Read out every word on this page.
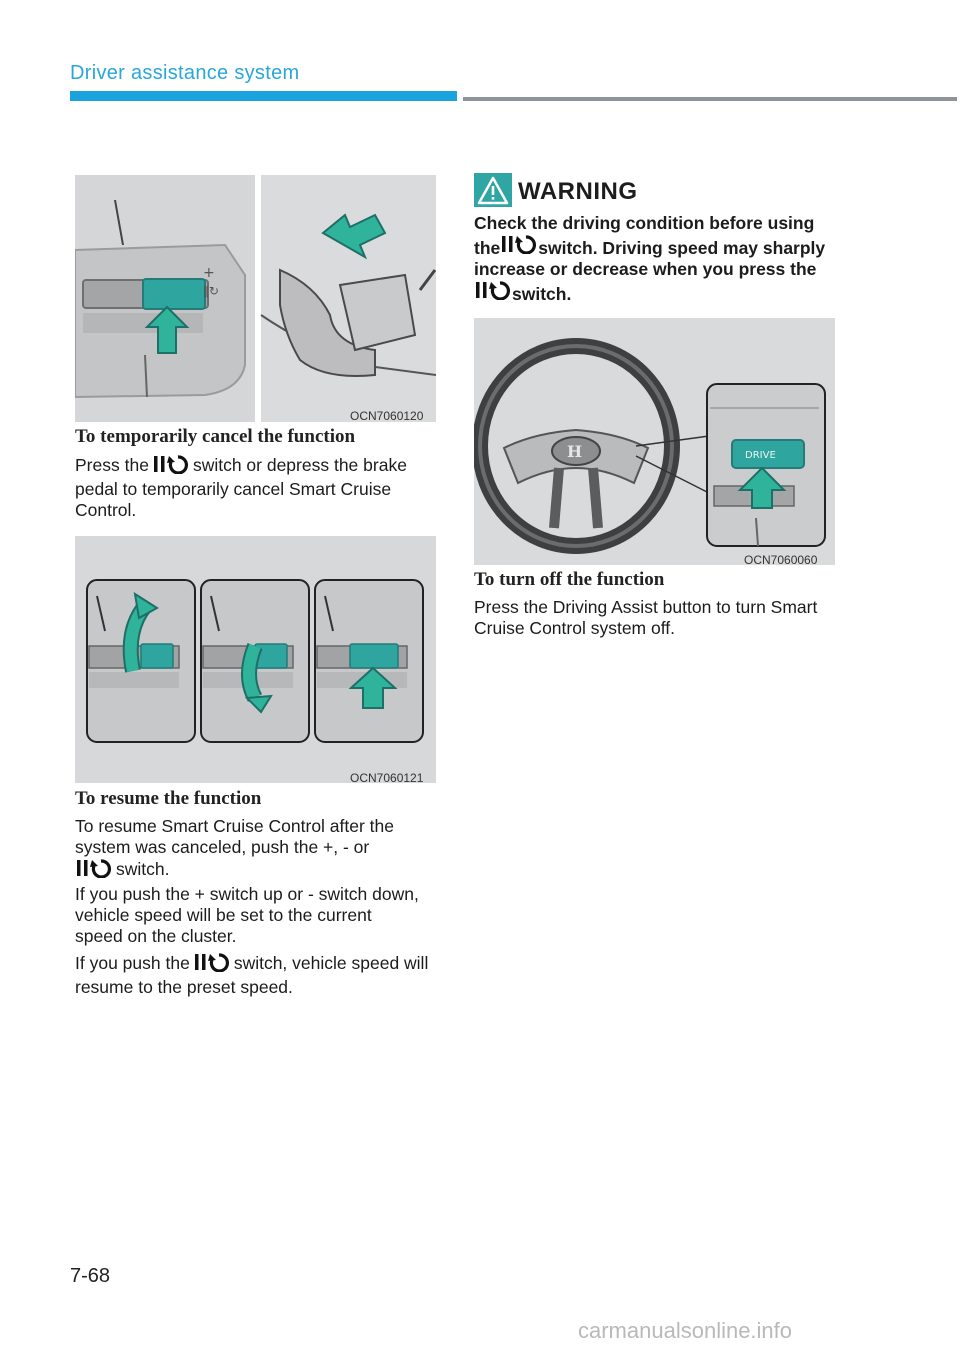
Driver assistance system
+
ǁ↻
OCN7060120
To temporarily cancel the function
Press the	switch or depress the brake pedal to temporarily cancel Smart Cruise Control.
OCN7060121
To resume the function
To resume Smart Cruise Control after the system was canceled, push the +, - or
switch.
If you push the + switch up or - switch down, vehicle speed will be set to the current speed on the cluster.
If you push the	switch, vehicle speed will resume to the preset speed.
WARNING
Check the driving condition before using the switch. Driving speed may sharply increase or decrease when you press theswitch.
H	DRIVE
OCN7060060
To turn off the function
Press the Driving Assist button to turn Smart Cruise Control system off.
7-68
carmanualsonline.info
